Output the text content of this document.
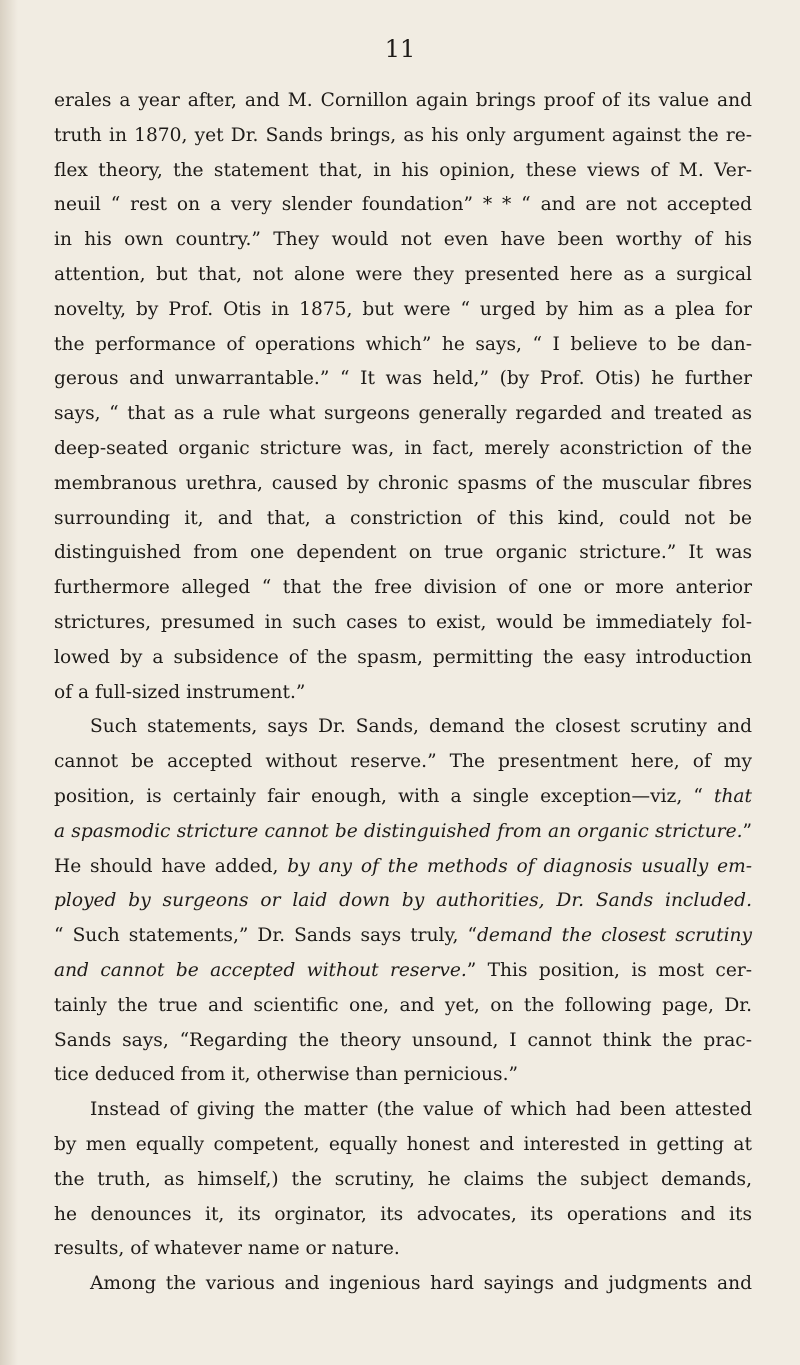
11
erales a year after, and M. Cornillon again brings proof of its value and
truth in 1870, yet Dr. Sands brings, as his only argument against the re-
flex theory, the statement that, in his opinion, these views of M. Ver-
neuil “ rest on a very slender foundation” * * “ and are not accepted
in his own country.” They would not even have been worthy of his
attention, but that, not alone were they presented here as a surgical
novelty, by Prof. Otis in 1875, but were “ urged by him as a plea for
the performance of operations which” he says, “ I believe to be dan-
gerous and unwarrantable.” “ It was held,” (by Prof. Otis) he further
says, “ that as a rule what surgeons generally regarded and treated as
deep-seated organic stricture was, in fact, merely aconstriction of the
membranous urethra, caused by chronic spasms of the muscular fibres
surrounding it, and that, a constriction of this kind, could not be
distinguished from one dependent on true organic stricture.” It was
furthermore alleged “ that the free division of one or more anterior
strictures, presumed in such cases to exist, would be immediately fol-
lowed by a subsidence of the spasm, permitting the easy introduction
of a full-sized instrument.”
Such statements, says Dr. Sands, demand the closest scrutiny and
cannot be accepted without reserve.” The presentment here, of my
position, is certainly fair enough, with a single exception—viz, “ that
a spasmodic stricture cannot be distinguished from an organic stricture.”
He should have added, by any of the methods of diagnosis usually em-
ployed by surgeons or laid down by authorities, Dr. Sands included.
“ Such statements,” Dr. Sands says truly, “demand the closest scrutiny
and cannot be accepted without reserve.” This position, is most cer-
tainly the true and scientific one, and yet, on the following page, Dr.
Sands says, “Regarding the theory unsound, I cannot think the prac-
tice deduced from it, otherwise than pernicious.”
Instead of giving the matter (the value of which had been attested
by men equally competent, equally honest and interested in getting at
the truth, as himself,) the scrutiny, he claims the subject demands,
he denounces it, its orginator, its advocates, its operations and its
results, of whatever name or nature.
Among the various and ingenious hard sayings and judgments and
